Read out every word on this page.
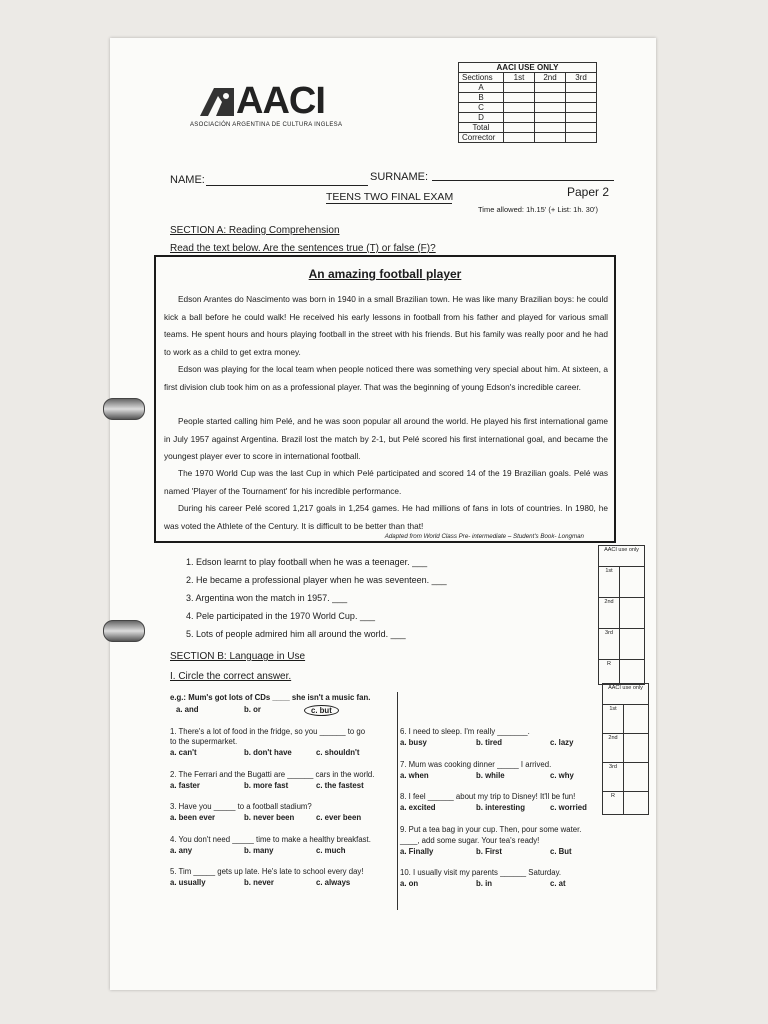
AACI
ASOCIACIÓN ARGENTINA DE CULTURA INGLESA
AACI USE ONLY			
Sections	1st	2nd	3rd
A			
B			
C			
D			
Total			
Corrector			
NAME:	SURNAME:
TEENS TWO FINAL EXAM	Paper 2
Time allowed: 1h.15' (+ List: 1h. 30')
SECTION A: Reading Comprehension
Read the text below. Are the sentences true (T) or false (F)?
An amazing football player
Edson Arantes do Nascimento was born in 1940 in a small Brazilian town. He was like many Brazilian boys: he could kick a ball before he could walk! He received his early lessons in football from his father and played for various small teams. He spent hours and hours playing football in the street with his friends. But his family was really poor and he had to work as a child to get extra money.
Edson was playing for the local team when people noticed there was something very special about him. At sixteen, a first division club took him on as a professional player. That was the beginning of young Edson's incredible career.
People started calling him Pelé, and he was soon popular all around the world. He played his first international game in July 1957 against Argentina. Brazil lost the match by 2-1, but Pelé scored his first international goal, and became the youngest player ever to score in international football.
The 1970 World Cup was the last Cup in which Pelé participated and scored 14 of the 19 Brazilian goals. Pelé was named 'Player of the Tournament' for his incredible performance.
During his career Pelé scored 1,217 goals in 1,254 games. He had millions of fans in lots of countries. In 1980, he was voted the Athlete of the Century. It is difficult to be better than that!
Adapted from World Class Pre- intermediate – Student's Book- Longman
1. Edson learnt to play football when he was a teenager. ___
2. He became a professional player when he was seventeen. ___
3. Argentina won the match in 1957. ___
4. Pele participated in the 1970 World Cup. ___
5. Lots of people admired him all around the world. ___
AACI use only	
1st	
2nd	
3rd	
R	
SECTION B: Language in Use
I. Circle the correct answer.
e.g.: Mum's got lots of CDs ____ she isn't a music fan.
a. and	b. or	c. but
1. There's a lot of food in the fridge, so you ______ to go
to the supermarket.
a. can't	b. don't have	c. shouldn't
2. The Ferrari and the Bugatti are ______ cars in the world.
a. faster	b. more fast	c. the fastest
3. Have you _____ to a football stadium?
a. been ever	b. never been	c. ever been
4. You don't need _____ time to make a healthy breakfast.
a. any	b. many	c. much
5. Tim _____ gets up late. He's late to school every day!
a. usually	b. never	c. always
6. I need to sleep. I'm really _______.
a. busy	b. tired	c. lazy
7. Mum was cooking dinner _____ I arrived.
a. when	b. while	c. why
8. I feel ______ about my trip to Disney! It'll be fun!
a. excited	b. interesting	c. worried
9. Put a tea bag in your cup. Then, pour some water.
____, add some sugar. Your tea's ready!
a. Finally	b. First	c. But
10. I usually visit my parents ______ Saturday.
a. on	b. in	c. at
AACI use only	
1st	
2nd	
3rd	
R	
